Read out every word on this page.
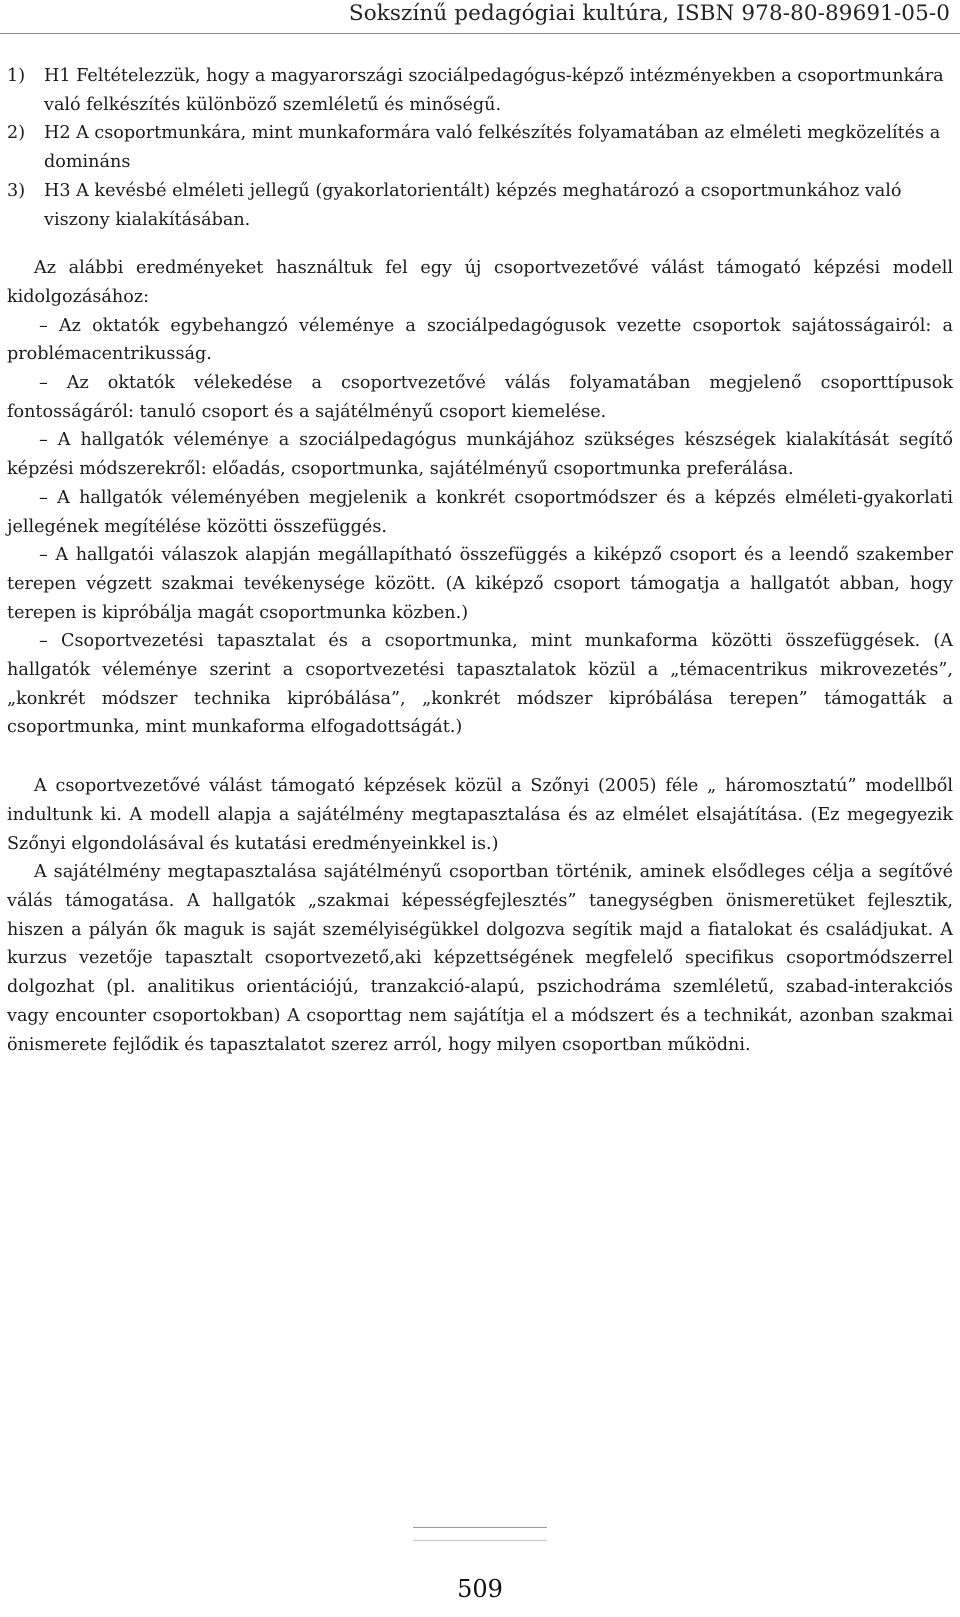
Sokszínű pedagógiai kultúra, ISBN 978-80-89691-05-0
1)	H1 Feltételezzük, hogy a magyarországi szociálpedagógus-képző intézményekben a csoportmunkára való felkészítés különböző szemléletű és minőségű.
2)	H2 A csoportmunkára, mint munkaformára való felkészítés folyamatában az elméleti megközelítés a domináns
3)	H3 A kevésbé elméleti jellegű (gyakorlatorientált) képzés meghatározó a csoportmunkához való viszony kialakításában.

Az alábbi eredményeket használtuk fel egy új csoportvezetővé válást támogató képzési modell kidolgozásához:

– Az oktatók egybehangzó véleménye a szociálpedagógusok vezette csoportok sajátosságairól: a problémacentrikusság.

– Az oktatók vélekedése a csoportvezetővé válás folyamatában megjelenő csoporttípusok fontosságáról: tanuló csoport és a sajátélményű csoport kiemelése.

– A hallgatók véleménye a szociálpedagógus munkájához szükséges készségek kialakítását segítő képzési módszerekről: előadás, csoportmunka, sajátélményű csoportmunka preferálása.

– A hallgatók véleményében megjelenik a konkrét csoportmódszer és a képzés elméleti-gyakorlati jellegének megítélése közötti összefüggés.

– A hallgatói válaszok alapján megállapítható összefüggés a kiképző csoport és a leendő szakember terepen végzett szakmai tevékenysége között. (A kiképző csoport támogatja a hallgatót abban, hogy terepen is kipróbálja magát csoportmunka közben.)

– Csoportvezetési tapasztalat és a csoportmunka, mint munkaforma közötti összefüggések. (A hallgatók véleménye szerint a csoportvezetési tapasztalatok közül a „témacentrikus mikrovezetés”, „konkrét módszer technika kipróbálása”, „konkrét módszer kipróbálása terepen” támogatták a csoportmunka, mint munkaforma elfogadottságát.)

A csoportvezetővé válást támogató képzések közül a Szőnyi (2005) féle „ háromosztatú” modellből indultunk ki. A modell alapja a sajátélmény megtapasztalása és az elmélet elsajátítása. (Ez megegyezik Szőnyi elgondolásával és kutatási eredményeinkkel is.)

A sajátélmény megtapasztalása sajátélményű csoportban történik, aminek elsődleges célja a segítővé válás támogatása. A hallgatók „szakmai képességfejlesztés” tanegységben önismeretüket fejlesztik, hiszen a pályán ők maguk is saját személyiségükkel dolgozva segítik majd a fiatalokat és családjukat. A kurzus vezetője tapasztalt csoportvezető,aki képzettségének megfelelő specifikus csoportmódszerrel dolgozhat (pl. analitikus orientációjú, tranzakció-alapú, pszichodráma szemléletű, szabad-interakciós vagy encounter csoportokban) A csoporttag nem sajátítja el a módszert és a technikát, azonban szakmai önismerete fejlődik és tapasztalatot szerez arról, hogy milyen csoportban működni.

509
